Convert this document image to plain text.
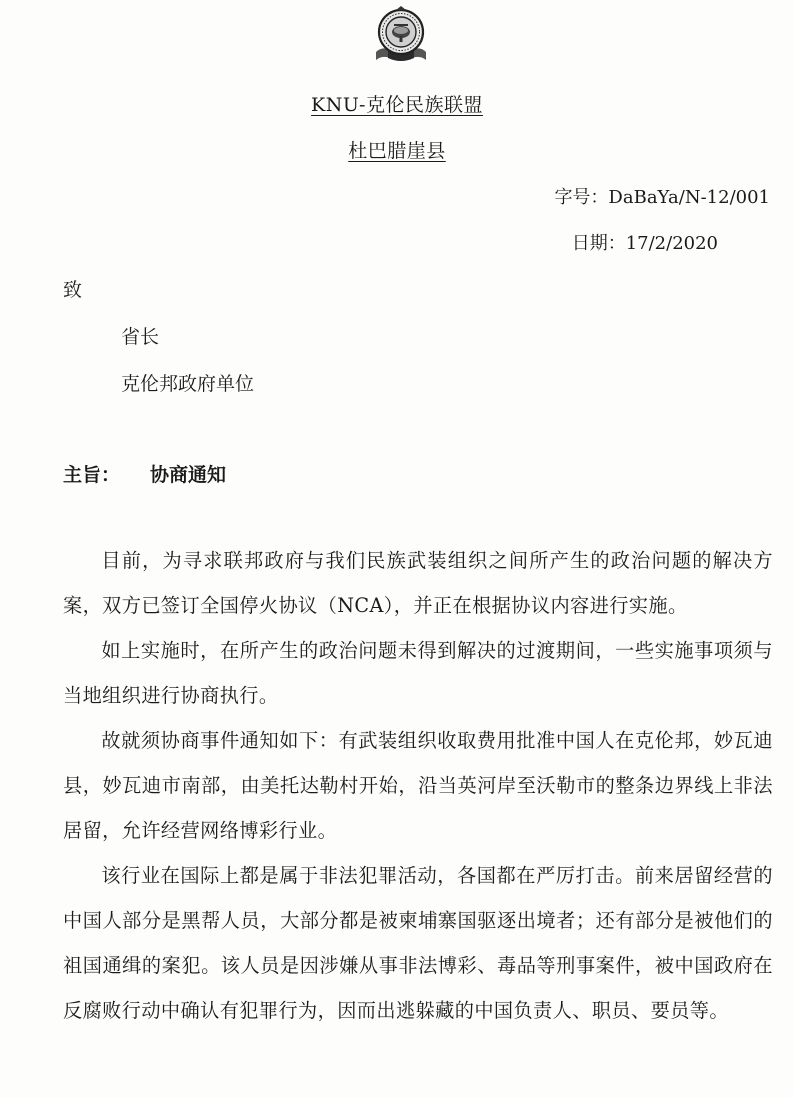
KNU-克伦民族联盟
杜巴腊崖县
字号：DaBaYa/N-12/001
日期：17/2/2020
致
省长
克伦邦政府单位
主旨： 协商通知

目前，为寻求联邦政府与我们民族武装组织之间所产生的政治问题的解决方案，双方已签订全国停火协议（NCA），并正在根据协议内容进行实施。

如上实施时，在所产生的政治问题未得到解决的过渡期间，一些实施事项须与当地组织进行协商执行。

故就须协商事件通知如下：有武装组织收取费用批准中国人在克伦邦，妙瓦迪县，妙瓦迪市南部，由美托达勒村开始，沿当英河岸至沃勒市的整条边界线上非法居留，允许经营网络博彩行业。

该行业在国际上都是属于非法犯罪活动，各国都在严厉打击。前来居留经营的中国人部分是黑帮人员，大部分都是被柬埔寨国驱逐出境者；还有部分是被他们的祖国通缉的案犯。该人员是因涉嫌从事非法博彩、毒品等刑事案件，被中国政府在反腐败行动中确认有犯罪行为，因而出逃躲藏的中国负责人、职员、要员等。
